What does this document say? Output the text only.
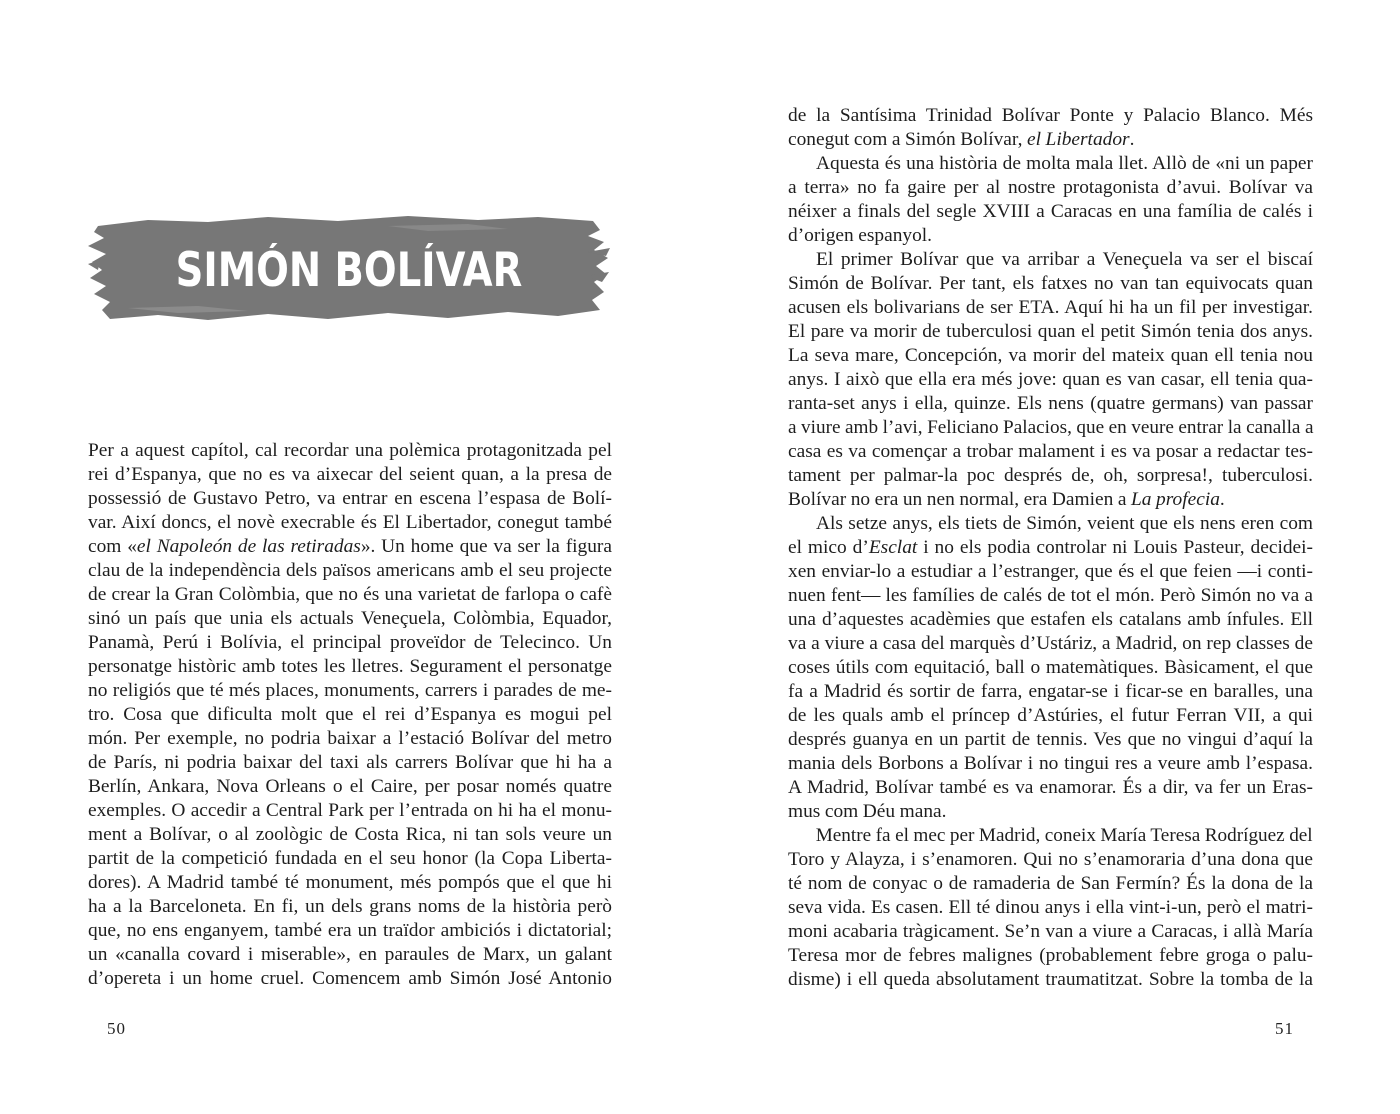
SIMÓN BOLÍVAR
Per a aquest capítol, cal recordar una polèmica protagonitzada pel
rei d’Espanya, que no es va aixecar del seient quan, a la presa de
possessió de Gustavo Petro, va entrar en escena l’espasa de Bolí-
var. Així doncs, el novè execrable és El Libertador, conegut també
com «el Napoleón de las retiradas». Un home que va ser la figura
clau de la independència dels països americans amb el seu projecte
de crear la Gran Colòmbia, que no és una varietat de farlopa o cafè
sinó un país que unia els actuals Veneçuela, Colòmbia, Equador,
Panamà, Perú i Bolívia, el principal proveïdor de Telecinco. Un
personatge històric amb totes les lletres. Segurament el personatge
no religiós que té més places, monuments, carrers i parades de me-
tro. Cosa que dificulta molt que el rei d’Espanya es mogui pel
món. Per exemple, no podria baixar a l’estació Bolívar del metro
de París, ni podria baixar del taxi als carrers Bolívar que hi ha a
Berlín, Ankara, Nova Orleans o el Caire, per posar només quatre
exemples. O accedir a Central Park per l’entrada on hi ha el monu-
ment a Bolívar, o al zoològic de Costa Rica, ni tan sols veure un
partit de la competició fundada en el seu honor (la Copa Liberta-
dores). A Madrid també té monument, més pompós que el que hi
ha a la Barceloneta. En fi, un dels grans noms de la història però
que, no ens enganyem, també era un traïdor ambiciós i dictatorial;
un «canalla covard i miserable», en paraules de Marx, un galant
d’opereta i un home cruel. Comencem amb Simón José Antonio
50
de la Santísima Trinidad Bolívar Ponte y Palacio Blanco. Més
conegut com a Simón Bolívar, el Libertador.
Aquesta és una història de molta mala llet. Allò de «ni un paper
a terra» no fa gaire per al nostre protagonista d’avui. Bolívar va
néixer a finals del segle XVIII a Caracas en una família de calés i
d’origen espanyol.
El primer Bolívar que va arribar a Veneçuela va ser el biscaí
Simón de Bolívar. Per tant, els fatxes no van tan equivocats quan
acusen els bolivarians de ser ETA. Aquí hi ha un fil per investigar.
El pare va morir de tuberculosi quan el petit Simón tenia dos anys.
La seva mare, Concepción, va morir del mateix quan ell tenia nou
anys. I això que ella era més jove: quan es van casar, ell tenia qua-
ranta-set anys i ella, quinze. Els nens (quatre germans) van passar
a viure amb l’avi, Feliciano Palacios, que en veure entrar la canalla a
casa es va començar a trobar malament i es va posar a redactar tes-
tament per palmar-la poc després de, oh, sorpresa!, tuberculosi.
Bolívar no era un nen normal, era Damien a La profecia.
Als setze anys, els tiets de Simón, veient que els nens eren com
el mico d’Esclat i no els podia controlar ni Louis Pasteur, decidei-
xen enviar-lo a estudiar a l’estranger, que és el que feien —i conti-
nuen fent— les famílies de calés de tot el món. Però Simón no va a
una d’aquestes acadèmies que estafen els catalans amb ínfules. Ell
va a viure a casa del marquès d’Ustáriz, a Madrid, on rep classes de
coses útils com equitació, ball o matemàtiques. Bàsicament, el que
fa a Madrid és sortir de farra, engatar-se i ficar-se en baralles, una
de les quals amb el príncep d’Astúries, el futur Ferran VII, a qui
després guanya en un partit de tennis. Ves que no vingui d’aquí la
mania dels Borbons a Bolívar i no tingui res a veure amb l’espasa.
A Madrid, Bolívar també es va enamorar. És a dir, va fer un Eras-
mus com Déu mana.
Mentre fa el mec per Madrid, coneix María Teresa Rodríguez del
Toro y Alayza, i s’enamoren. Qui no s’enamoraria d’una dona que
té nom de conyac o de ramaderia de San Fermín? És la dona de la
seva vida. Es casen. Ell té dinou anys i ella vint-i-un, però el matri-
moni acabaria tràgicament. Se’n van a viure a Caracas, i allà María
Teresa mor de febres malignes (probablement febre groga o palu-
disme) i ell queda absolutament traumatitzat. Sobre la tomba de la
51
